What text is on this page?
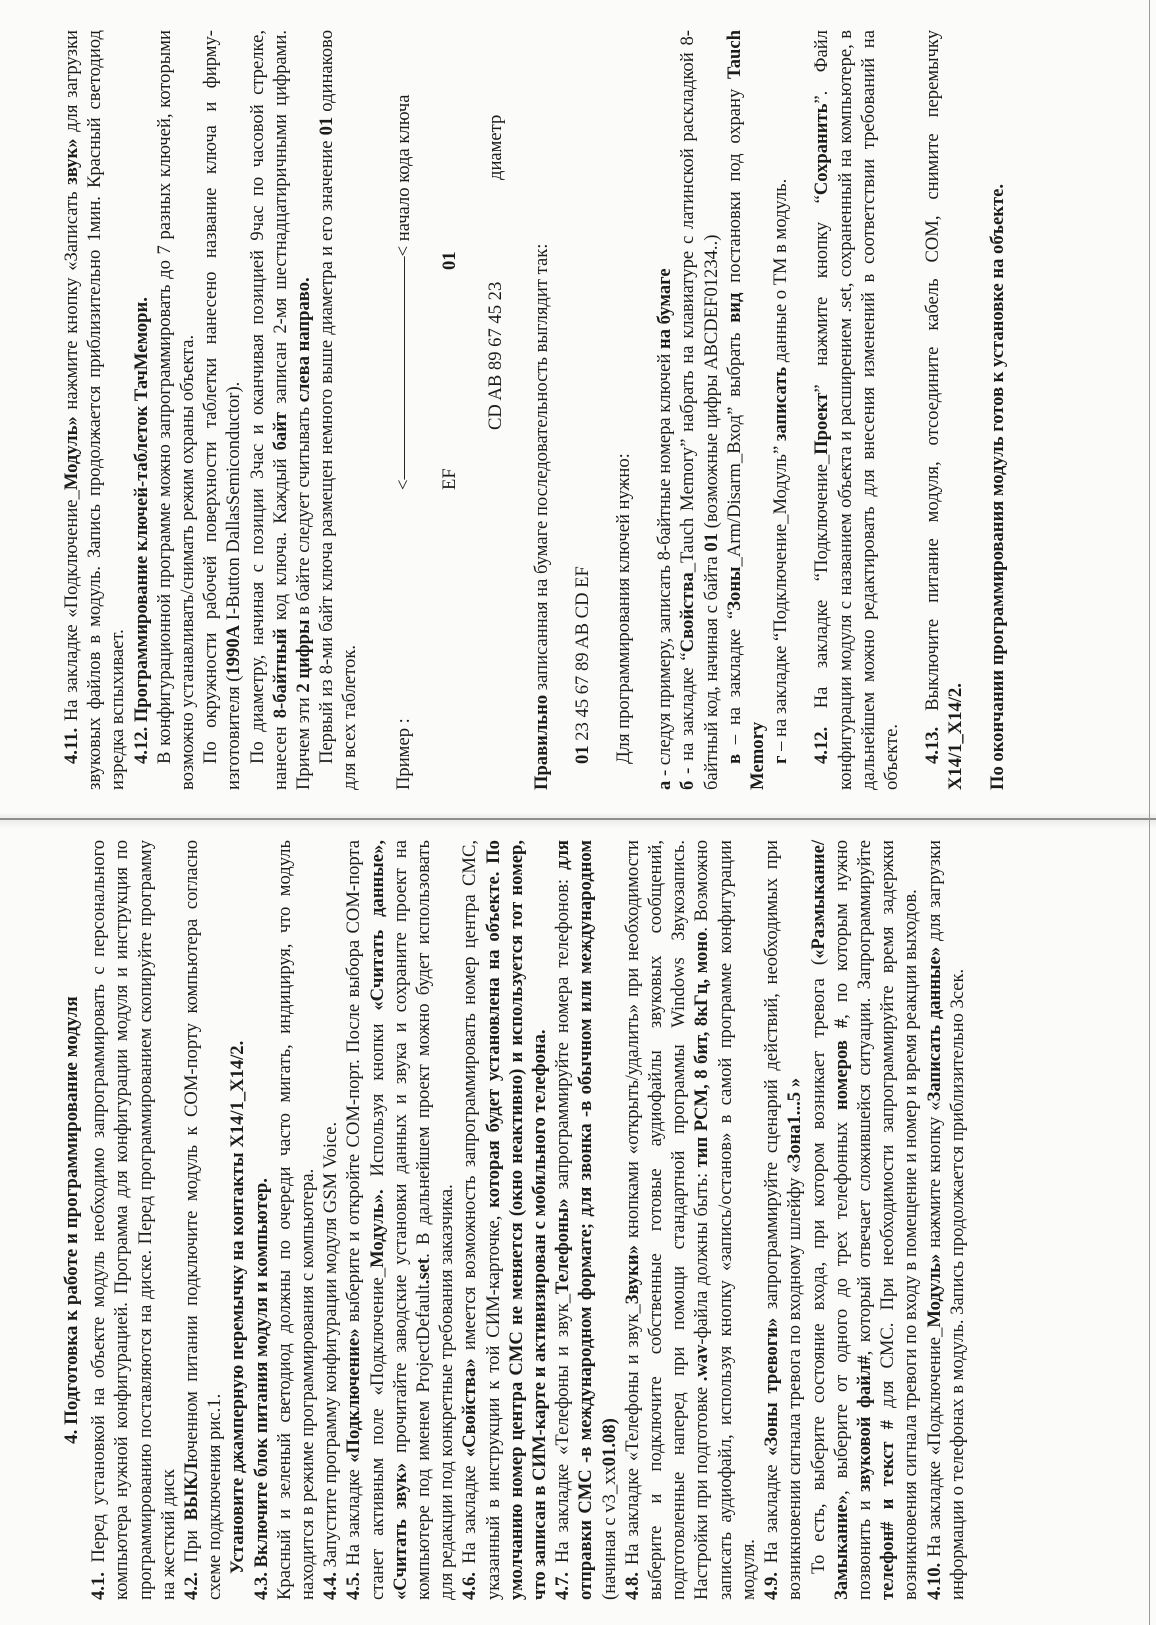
4. Подготовка к работе и программирование модуля

4.1. Перед установкой на объекте модуль необходимо запрограммировать с персонального компьютера нужной конфигурацией. Программа для конфигурации модуля и инструкция по программированию поставляются на диске. Перед программированием скопируйте программу на жесткий диск 4.2. При ВЫКЛюченном питании подключите модуль к COM-порту компьютера согласно схеме подключения рис.1. Установите джамперную перемычку на контакты X14/1_X14/2.

4.3. Включите блок питания модуля и компьютер. Красный и зеленый светодиод должны по очереди часто мигать, индицируя, что модуль находится в режиме программирования с компьютера. 4.4. Запустите программу конфигурации модуля GSM Voice.

4.5. На закладке «Подключение» выберите и откройте COM-порт. После выбора COM-порта станет активным поле «Подключение_Модуль». Используя кнопки «Считать данные», «Считать звук» прочитайте заводские установки данных и звука и сохраните проект на компьютере под именем ProjectDefault.set. В дальнейшем проект можно будет использовать для редакции под конкретные требования заказчика. 4.6. На закладке «Свойства» имеется возможность запрограммировать номер центра СМС, указанный в инструкции к той СИМ-карточке, которая будет установлена на объекте. По умолчанию номер центра СМС не меняется (окно неактивно) и используется тот номер, что записан в СИМ-карте и активизирован с мобильного телефона. 4.7. На закладке «Телефоны и звук_Телефоны» запрограммируйте номера телефонов: для отправки СМС -в международном формате; для звонка -в обычном или международном (начиная с v3_xx01.08)

4.8. На закладке «Телефоны и звук_Звуки» кнопками «открыть/удалить» при необходимости выберите и подключите собственные готовые аудиофайлы звуковых сообщений, подготовленные наперед при помощи стандартной программы Windows Звукозапись. Настройки при подготовке .wav-файла должны быть: тип PCM, 8 бит, 8кГц, моно. Возможно записать аудиофайл, используя кнопку «запись/останов» в самой программе конфигурации модуля. 4.9. На закладке «Зоны тревоги» запрограммируйте сценарий действий, необходимых при возникновении сигнала тревога по входному шлейфу «Зона1...5 » То есть, выберите состояние входа, при котором возникает тревога («Размыкание/Замыкание», выберите от одного до трех телефонных номеров #, по которым нужно позвонить и звуковой файл#, который отвечает сложившейся ситуации. Запрограммируйте телефон# и текст # для СМС. При необходимости запрограммируйте время задержки возникновения сигнала тревоги по входу в помещение и номер и время реакции выходов. 4.10. На закладке «Подключение_Модуль» нажмите кнопку «Записать данные» для загрузки информации о телефонах в модуль. Запись продолжается приблизительно 3сек.

4.11. На закладке «Подключение_Модуль» нажмите кнопку «Записать звук» для загрузки звуковых файлов в модуль. Запись продолжается приблизительно 1мин. Красный светодиод изредка вспыхивает. 4.12. Программирование ключей-таблеток ТачМемори. В конфигурационной программе можно запрограммировать до 7 разных ключей, которыми возможно устанавливать/снимать режим охраны объекта. По окружности рабочей поверхности таблетки нанесено название ключа и фирму-изготовителя (1990А I-Button DallasSemiconductor). По диаметру, начиная с позиции 3час и оканчивая позицией 9час по часовой стрелке, нанесен 8-байтный код ключа. Каждый байт записан 2-мя шестнадцатиричными цифрами. Причем эти 2 цифры в байте следует считывать слева направо. Первый из 8-ми байт ключа размещен немного выше диаметра и его значение 01 одинаково для всех таблеток. Пример :
<————————————< начало кода ключа EF
01
CD AB 89 67 45 23
диаметр

Правильно записанная на бумаге последовательность выглядит так:

01 23 45 67 89 AB CD EF Для программирования ключей нужно:

а - следуя примеру, записать 8-байтные номера ключей на бумаге

б - на закладке “Свойства_Tauch Memory” набрать на клавиатуре с латинской раскладкой 8-байтный код, начиная с байта 01 (возможные цифры ABCDEF01234..)

в – на закладке “Зоны_Arm/Disarm_Вход” выбрать вид постановки под охрану Tauch Memory г – на закладке “Подключение_Модуль” записать данные о ТМ в модуль.

4.12. На закладке “Подключение_Проект” нажмите кнопку “Сохранить”. Файл конфигурации модуля с названием объекта и расширением .set, сохраненный на компьютере, в дальнейшем можно редактировать для внесения изменений в соответствии требований на объекте. 4.13. Выключите питание модуля, отсоедините кабель COM, снимите перемычку X14/1_X14/2. По окончании программирования модуль готов к установке на объекте.
